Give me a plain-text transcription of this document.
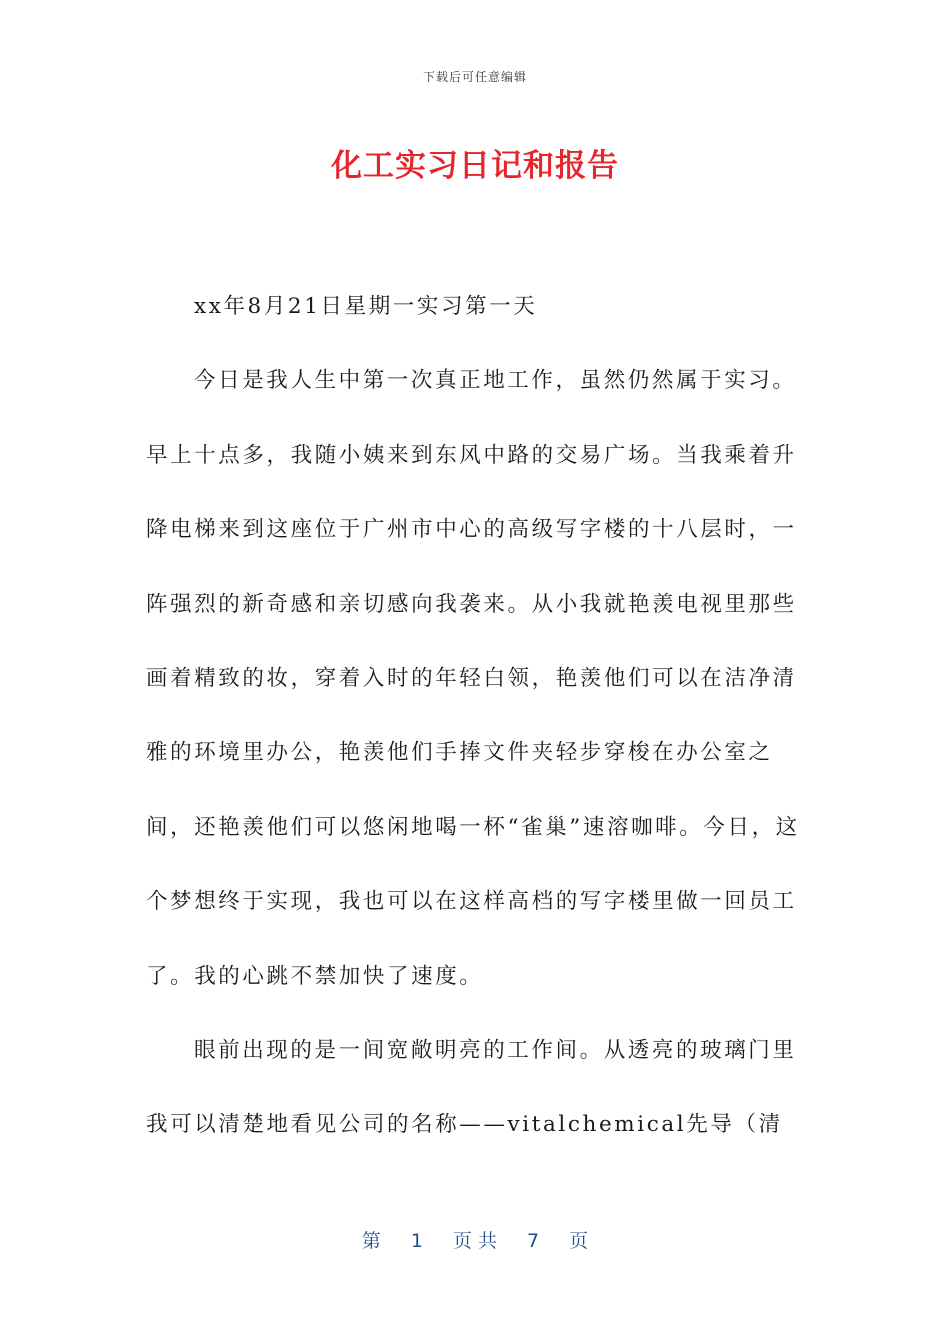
下载后可任意编辑
化工实习日记和报告

xx年8月21日星期一实习第一天

今日是我人生中第一次真正地工作，虽然仍然属于实习。早上十点多，我随小姨来到东风中路的交易广场。当我乘着升降电梯来到这座位于广州市中心的高级写字楼的十八层时，一阵强烈的新奇感和亲切感向我袭来。从小我就艳羡电视里那些画着精致的妆，穿着入时的年轻白领，艳羡他们可以在洁净清雅的环境里办公，艳羡他们手捧文件夹轻步穿梭在办公室之间，还艳羡他们可以悠闲地喝一杯“雀巢”速溶咖啡。今日，这个梦想终于实现，我也可以在这样高档的写字楼里做一回员工了。我的心跳不禁加快了速度。

眼前出现的是一间宽敞明亮的工作间。从透亮的玻璃门里我可以清楚地看见公司的名称——vitalchemical先导（清

第 1 页 共 7 页
